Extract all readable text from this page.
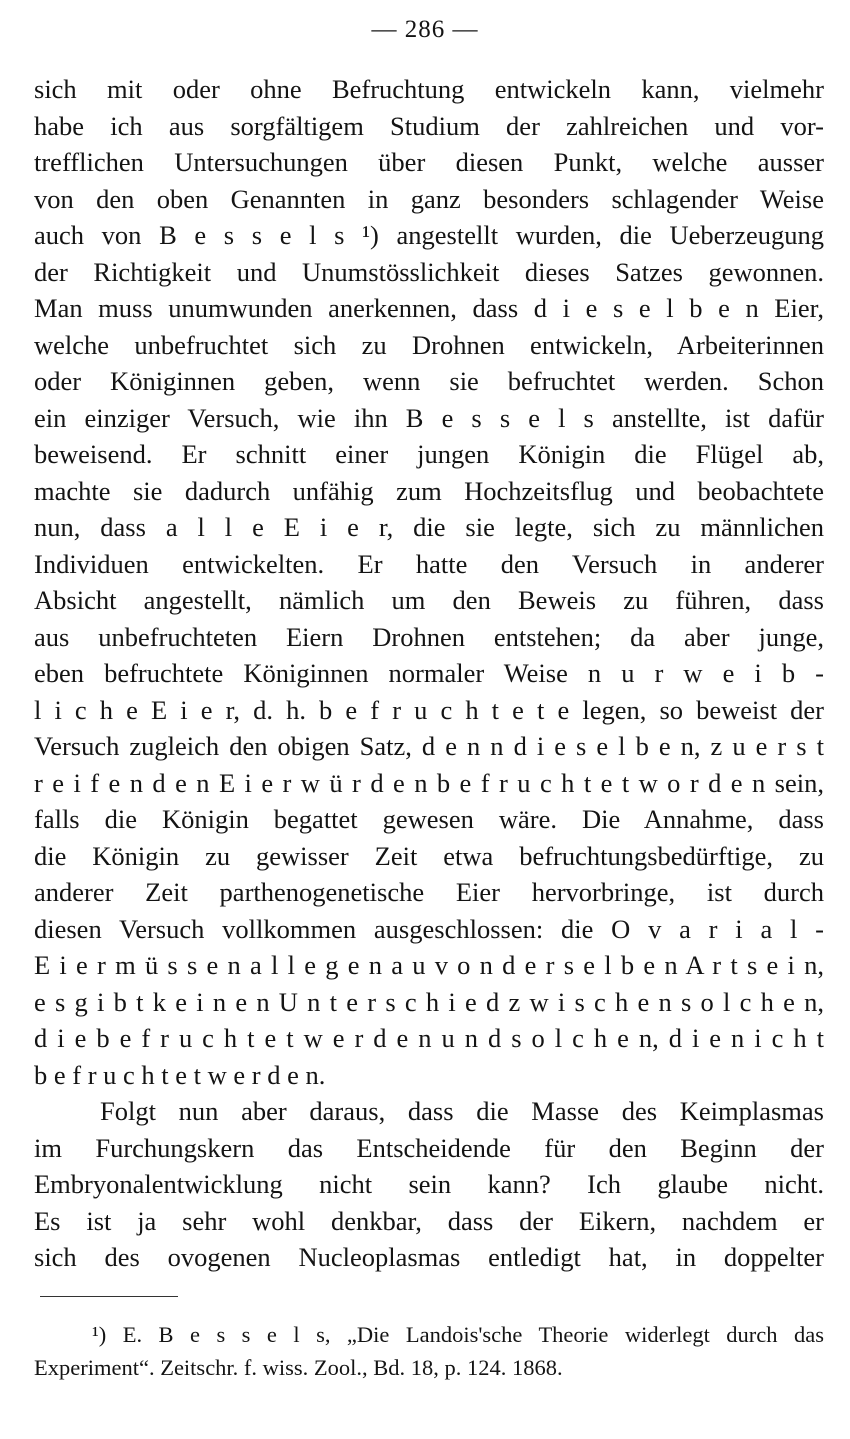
— 286 —
sich mit oder ohne Befruchtung entwickeln kann, vielmehr
habe ich aus sorgfältigem Studium der zahlreichen und vor-
trefflichen Untersuchungen über diesen Punkt, welche ausser
von den oben Genannten in ganz besonders schlagender Weise
auch von B e s s e l s ¹) angestellt wurden, die Ueberzeugung
der Richtigkeit und Unumstösslichkeit dieses Satzes gewonnen.
Man muss unumwunden anerkennen, dass d i e s e l b e n Eier,
welche unbefruchtet sich zu Drohnen entwickeln, Arbeiterinnen
oder Königinnen geben, wenn sie befruchtet werden. Schon
ein einziger Versuch, wie ihn B e s s e l s anstellte, ist dafür
beweisend. Er schnitt einer jungen Königin die Flügel ab,
machte sie dadurch unfähig zum Hochzeitsflug und beobachtete
nun, dass a l l e E i e r, die sie legte, sich zu männlichen
Individuen entwickelten. Er hatte den Versuch in anderer
Absicht angestellt, nämlich um den Beweis zu führen, dass
aus unbefruchteten Eiern Drohnen entstehen; da aber junge,
eben befruchtete Königinnen normaler Weise n u r w e i b -
l i c h e E i e r, d. h. b e f r u c h t e t e legen, so beweist der
Versuch zugleich den obigen Satz, d e n n d i e s e l b e n, z u e r s t
r e i f e n d e n E i e r w ü r d e n b e f r u c h t e t w o r d e n sein,
falls die Königin begattet gewesen wäre. Die Annahme, dass
die Königin zu gewisser Zeit etwa befruchtungsbedürftige, zu
anderer Zeit parthenogenetische Eier hervorbringe, ist durch
diesen Versuch vollkommen ausgeschlossen: die O v a r i a l -
E i e r m ü s s e n a l l e g e n a u v o n d e r s e l b e n A r t s e i n,
e s g i b t k e i n e n U n t e r s c h i e d z w i s c h e n s o l c h e n,
d i e b e f r u c h t e t w e r d e n u n d s o l c h e n, d i e n i c h t
b e f r u c h t e t w e r d e n.
Folgt nun aber daraus, dass die Masse des Keimplasmas
im Furchungskern das Entscheidende für den Beginn der
Embryonalentwicklung nicht sein kann? Ich glaube nicht.
Es ist ja sehr wohl denkbar, dass der Eikern, nachdem er
sich des ovogenen Nucleoplasmas entledigt hat, in doppelter
¹) E. B e s s e l s, „Die Landois'sche Theorie widerlegt durch das
Experiment“. Zeitschr. f. wiss. Zool., Bd. 18, p. 124. 1868.
